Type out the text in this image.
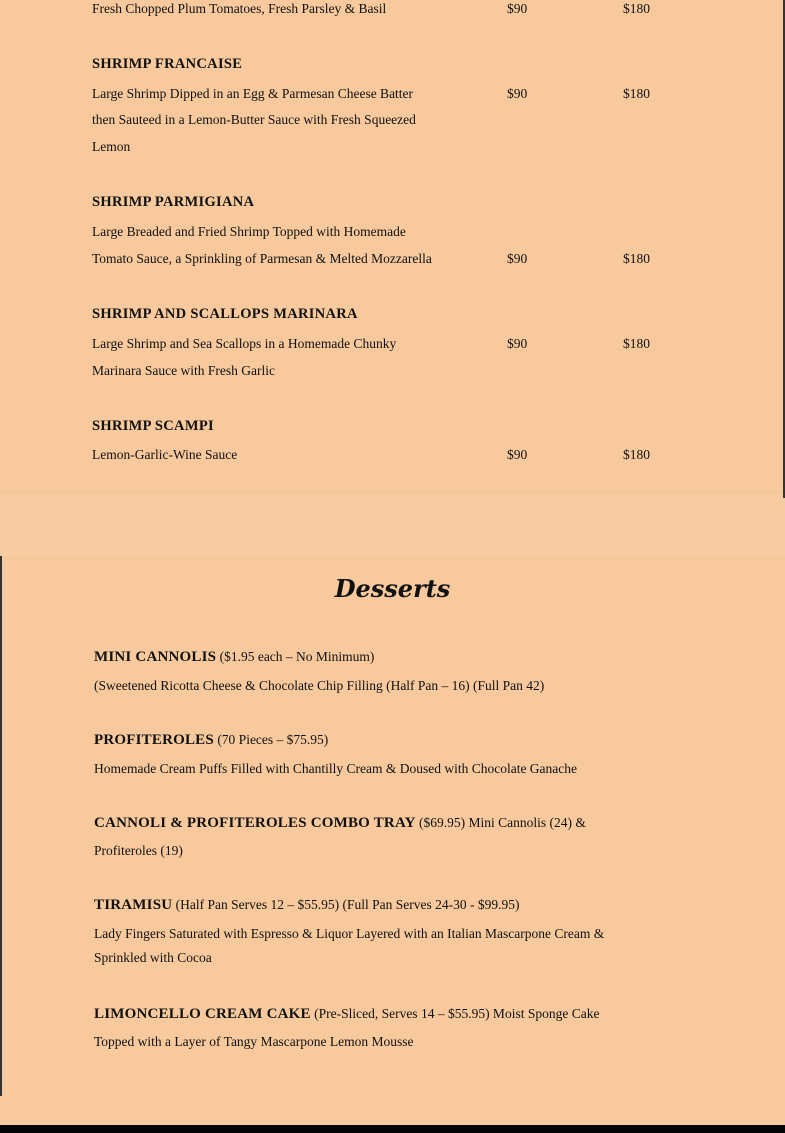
Fresh Chopped Plum Tomatoes, Fresh Parsley & Basil	$90	$180
SHRIMP FRANCAISE
Large Shrimp Dipped in an Egg & Parmesan Cheese Batter
then Sauteed in a Lemon-Butter Sauce with Fresh Squeezed
Lemon
$90	$180
SHRIMP PARMIGIANA
Large Breaded and Fried Shrimp Topped with Homemade
Tomato Sauce, a Sprinkling of Parmesan & Melted Mozzarella	$90	$180
SHRIMP AND SCALLOPS MARINARA
Large Shrimp and Sea Scallops in a Homemade Chunky
Marinara Sauce with Fresh Garlic
$90	$180
SHRIMP SCAMPI
Lemon-Garlic-Wine Sauce	$90	$180
Desserts
MINI CANNOLIS ($1.95 each – No Minimum)
(Sweetened Ricotta Cheese & Chocolate Chip Filling (Half Pan – 16) (Full Pan 42)
PROFITEROLES (70 Pieces – $75.95)
Homemade Cream Puffs Filled with Chantilly Cream & Doused with Chocolate Ganache
CANNOLI & PROFITEROLES COMBO TRAY ($69.95) Mini Cannolis (24) &
Profiteroles (19)
TIRAMISU (Half Pan Serves 12 – $55.95) (Full Pan Serves 24-30 - $99.95)
Lady Fingers Saturated with Espresso & Liquor Layered with an Italian Mascarpone Cream &
Sprinkled with Cocoa
LIMONCELLO CREAM CAKE (Pre-Sliced, Serves 14 – $55.95) Moist Sponge Cake
Topped with a Layer of Tangy Mascarpone Lemon Mousse
